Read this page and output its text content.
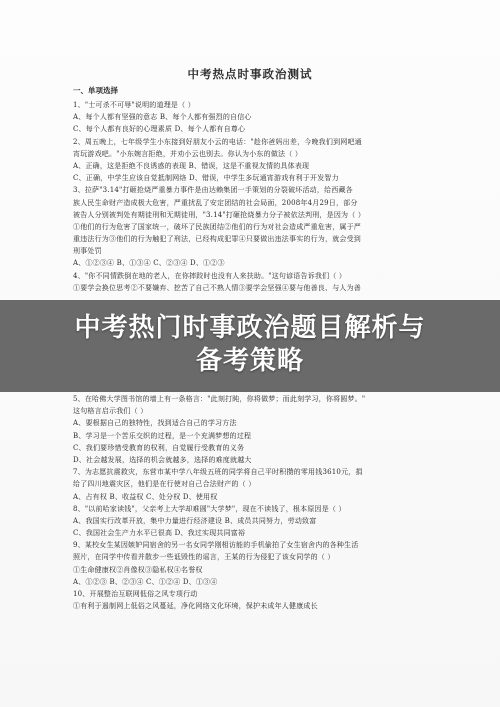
中考热点时事政治测试
一、单项选择
1、"士可杀不可辱"说明的道理是（ ）
A、每个人都有坚强的意志 B、每个人都有强烈的自信心
C、每个人都有良好的心理素质 D、每个人都有自尊心
2、周五晚上，七年级学生小东接到好朋友小云的电话："趁你爸妈出差，今晚我们到网吧通
宵玩游戏吧。"小东婉言拒绝，并劝小云也别去。你认为小东的做法（ ）
A、正确，这是拒绝不良诱惑的表现 B、错误，这是不重视友情的具体表现
C、正确，中学生应该自觉抵制网络 D、错误，中学生多玩通宵游戏有利于开发智力
3、拉萨"3.14"打砸抢烧严重暴力事件是由达赖集团一手策划的分裂破坏活动，给西藏各
族人民生命财产造成极大危害，严重扰乱了安定团结的社会局面，2008年4月29日，部分
被告人分别被判处有期徒刑和无期徒刑，"3.14"打砸抢烧暴力分子被依法判刑，是因为（ ）
①他们的行为危害了国家统一，破坏了民族团结②他们的行为对社会造成严重危害，属于严
重违法行为③他们的行为触犯了刑法，已经构成犯罪④只要做出违法事实的行为，就会受到
刑事处罚
A、①②③④ B、①③④ C、②③④ D、①②③
4、"你不同情跌倒在地的老人，在你摔跤时也没有人来扶助。"这句谚语告诉我们（ ）
①要学会换位思考②不要嫌弃、挖苦了自己不熟人情③要学会坚强④要与他善良、与人为善
5、在哈佛大学图书馆的墙上有一条格言："此刻打盹，你将做梦；而此刻学习，你将圆梦。"
这句格言启示我们（ ）
A、要根据自己的独特性，找到适合自己的学习方法
B、学习是一个苦乐交织的过程，是一个充满梦想的过程
C、我们要珍惜受教育的权利，自觉履行受教育的义务
D、社会越发展，选择的机会就越多，选择的难度就越大
7、为志愿抗震救灾，东营市某中学八年级五班的同学将自己平时积攒的零用钱3610元，捐
给了四川地震灾区，他们是在行使对自己合法财产的（ ）
A、占有权 B、收益权 C、处分权 D、使用权
8、"以前哈家读钱"，父亲考上大学却难圆"大学梦"，现在不读钱了，根本原因是（ ）
A、我国实行改革开放，集中力量进行经济建设 B、成员共同努力，劳动致富
C、我国社会生产力水平已很高 D、我过实现共同富裕
9、某校女生某因嫉妒同宿舍的另一名女同学刚相访能的手机偷拍了女生宿舍内的各种生活
照片，在同学中传看并散步一些诋毁性的谣言，王某的行为侵犯了该女同学的（ ）
①生命健康权②肖像权③隐私权④名誉权
A、①②③ B、②③④ C、①②④ D、①③④
10、开展整治互联网低俗之风专项行动
①有利于遏制网上低俗之风蔓延，净化网络文化环境，保护未成年人健康成长
中考热门时事政治题目解析与
备考策略
